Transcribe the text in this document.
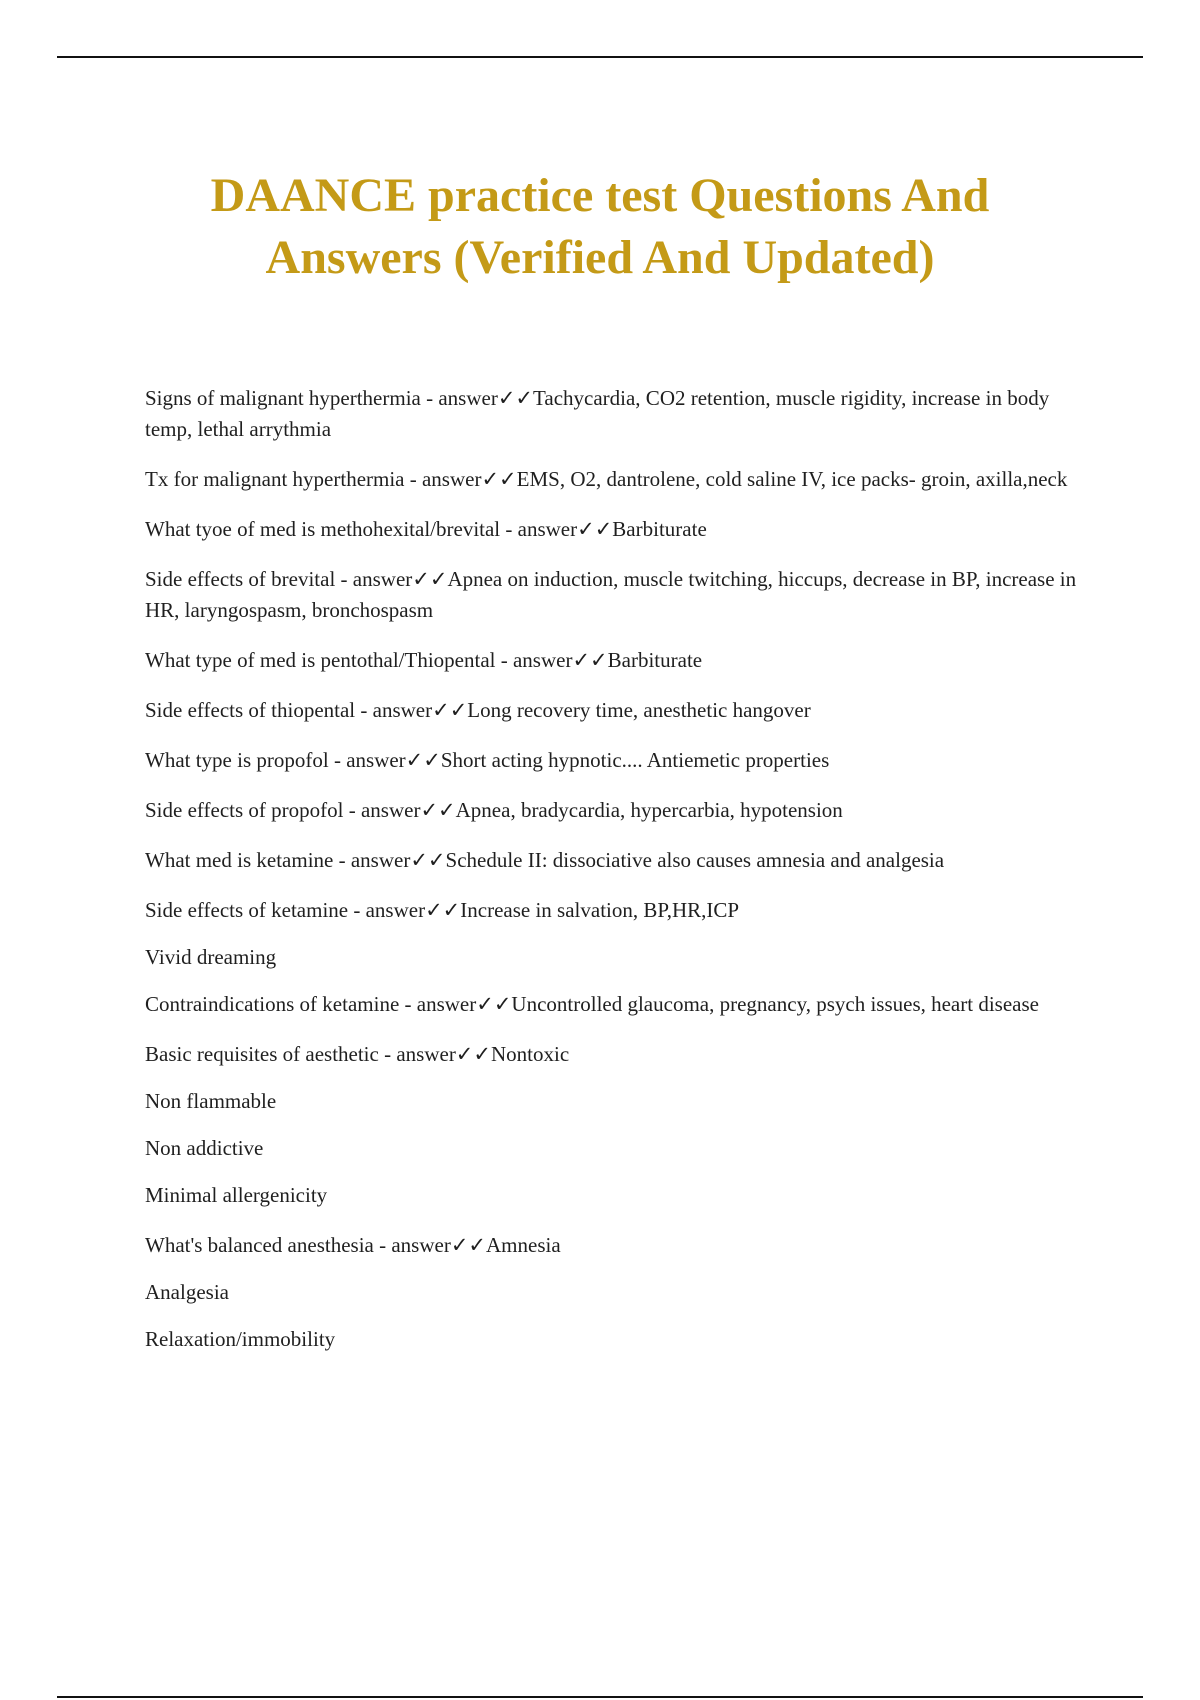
DAANCE practice test Questions And Answers (Verified And Updated)

Signs of malignant hyperthermia - answer✓✓Tachycardia, CO2 retention, muscle rigidity, increase in body temp, lethal arrythmia

Tx for malignant hyperthermia - answer✓✓EMS, O2, dantrolene, cold saline IV, ice packs- groin, axilla,neck

What tyoe of med is methohexital/brevital - answer✓✓Barbiturate

Side effects of brevital - answer✓✓Apnea on induction, muscle twitching, hiccups, decrease in BP, increase in HR, laryngospasm, bronchospasm

What type of med is pentothal/Thiopental - answer✓✓Barbiturate

Side effects of thiopental - answer✓✓Long recovery time, anesthetic hangover

What type is propofol - answer✓✓Short acting hypnotic.... Antiemetic properties

Side effects of propofol - answer✓✓Apnea, bradycardia, hypercarbia, hypotension

What med is ketamine - answer✓✓Schedule II: dissociative also causes amnesia and analgesia

Side effects of ketamine - answer✓✓Increase in salvation, BP,HR,ICP

Vivid dreaming

Contraindications of ketamine - answer✓✓Uncontrolled glaucoma, pregnancy, psych issues, heart disease

Basic requisites of aesthetic - answer✓✓Nontoxic

Non flammable

Non addictive

Minimal allergenicity

What's balanced anesthesia - answer✓✓Amnesia

Analgesia

Relaxation/immobility
